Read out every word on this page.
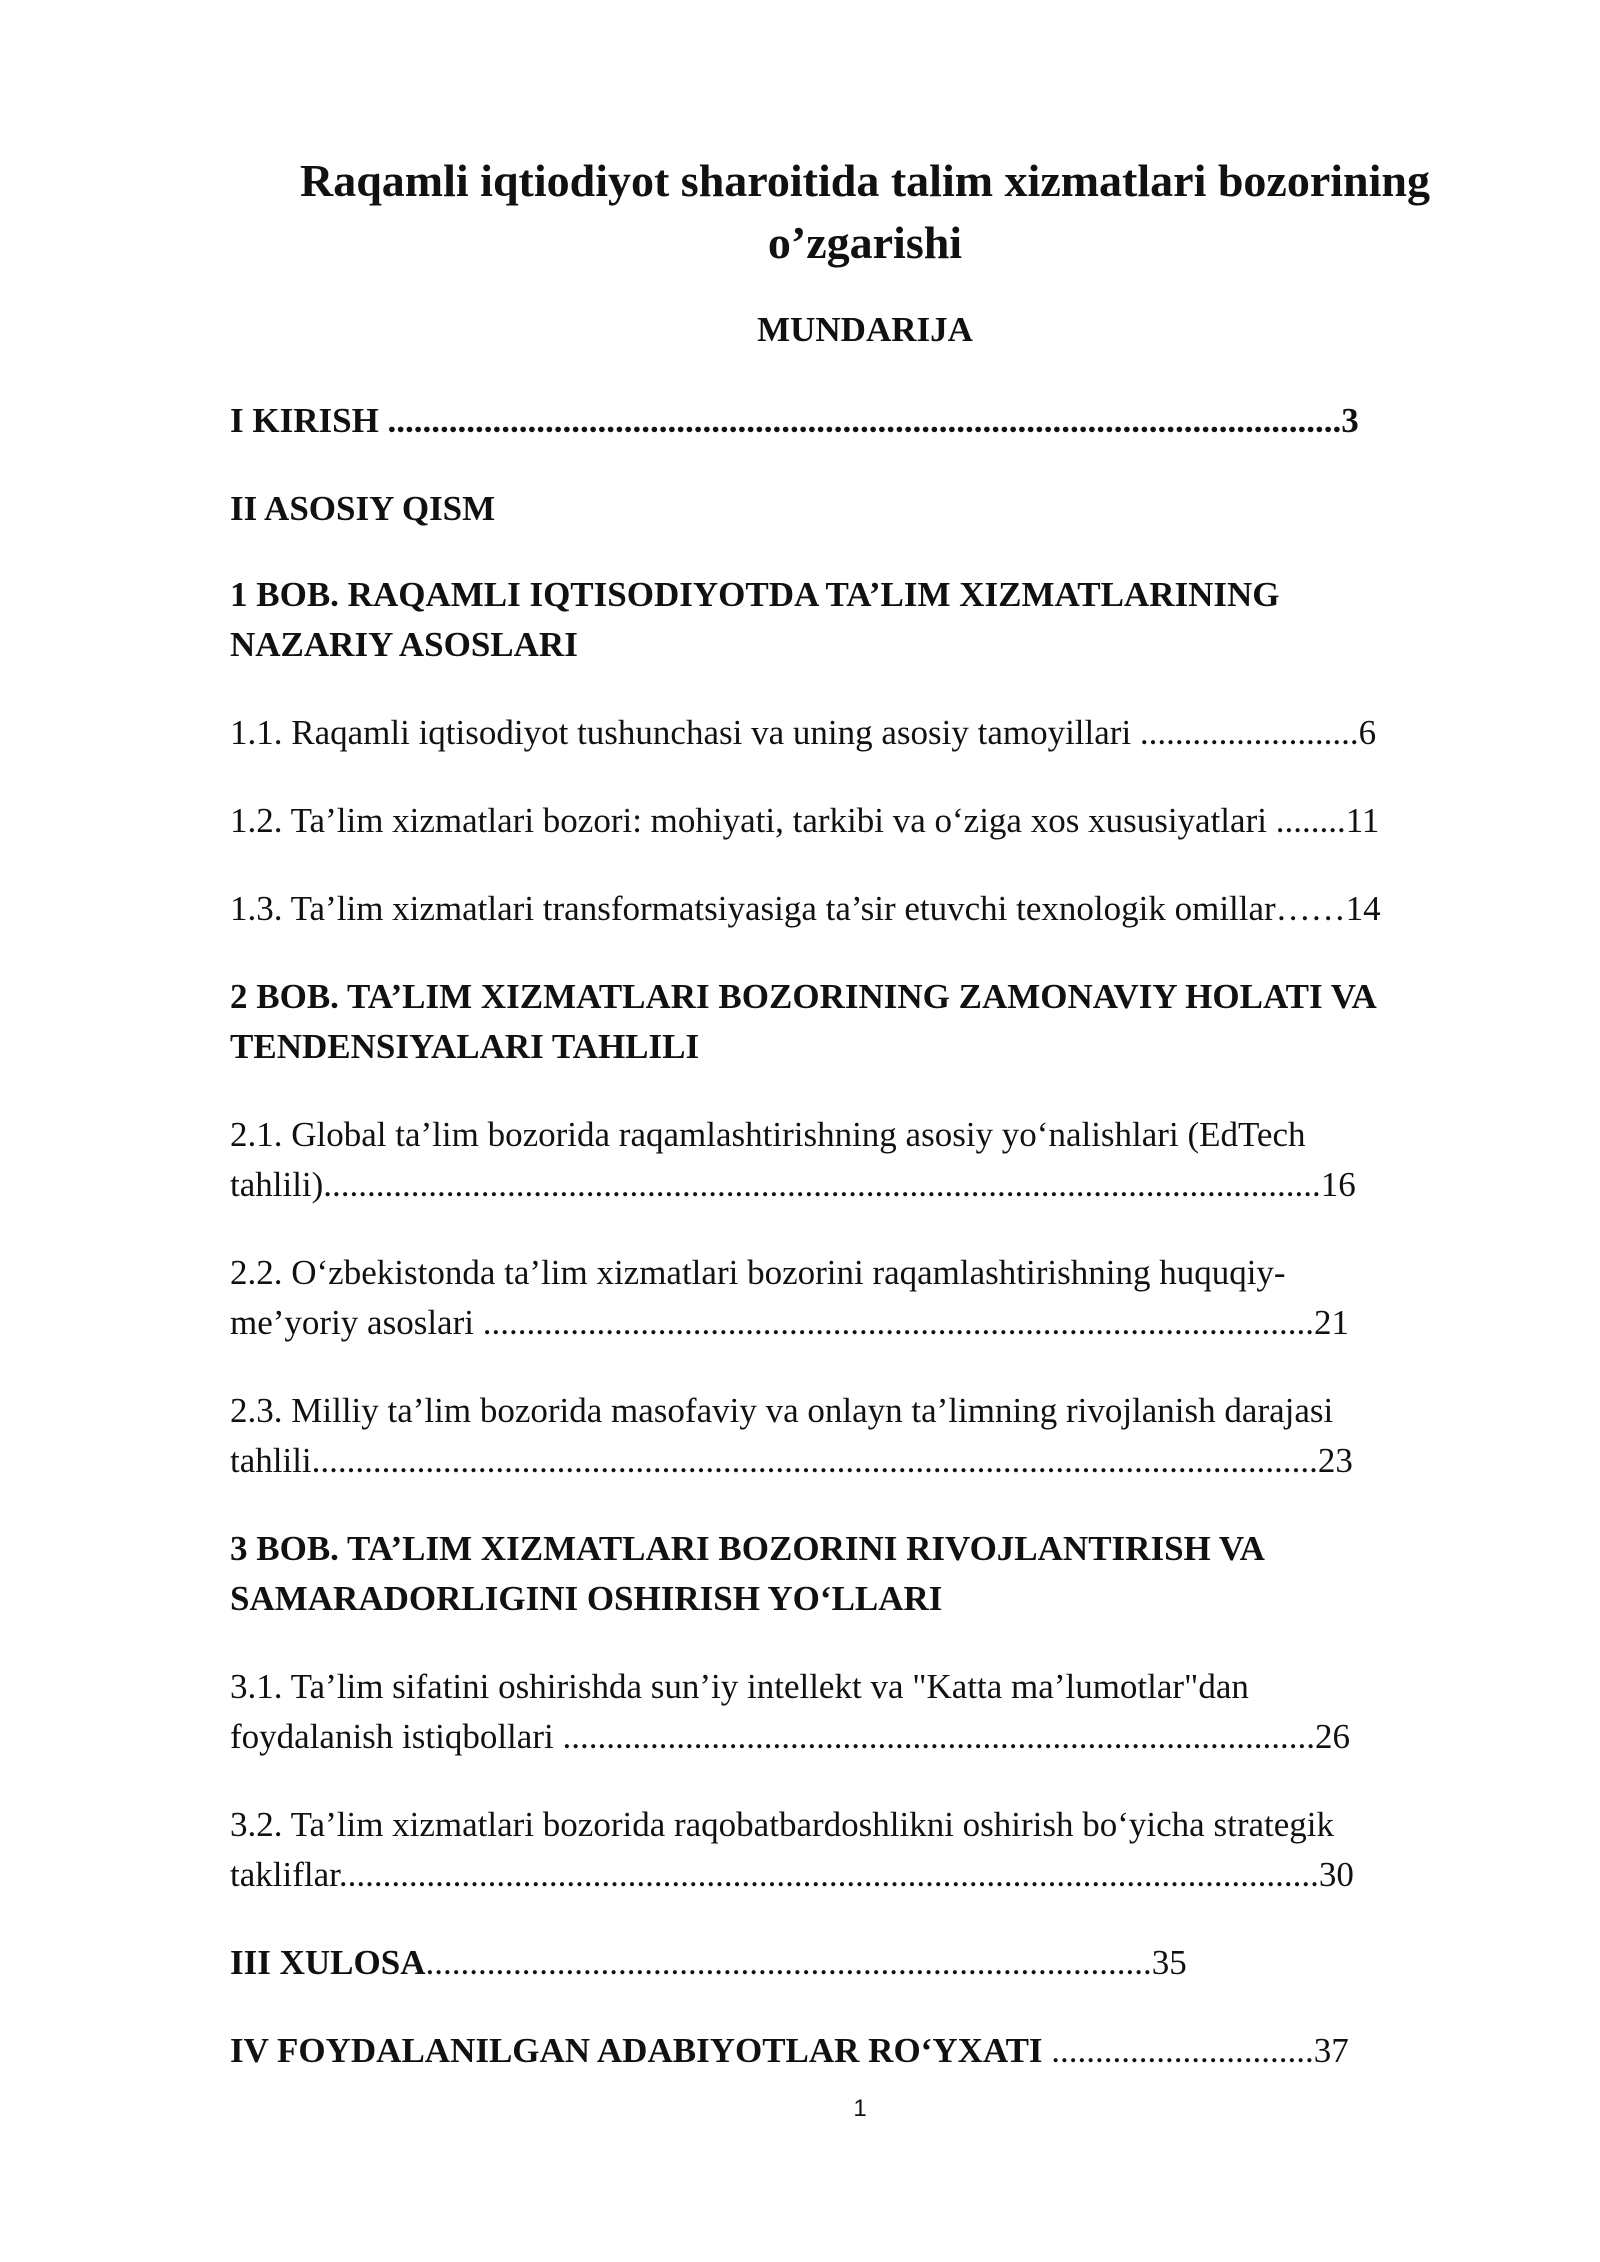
Raqamli iqtiodiyot sharoitida talim xizmatlari bozorining
o’zgarishi
MUNDARIJA

I KIRISH .............................................................................................................3

II ASOSIY QISM

1 BOB. RAQAMLI IQTISODIYOTDA TA’LIM XIZMATLARINING

NAZARIY ASOSLARI

1.1. Raqamli iqtisodiyot tushunchasi va uning asosiy tamoyillari .........................6

1.2. Ta’lim xizmatlari bozori: mohiyati, tarkibi va o‘ziga xos xususiyatlari ........11

1.3. Ta’lim xizmatlari transformatsiyasiga ta’sir etuvchi texnologik omillar……14

2 BOB. TA’LIM XIZMATLARI BOZORINING ZAMONAVIY HOLATI VA

TENDENSIYALARI TAHLILI

2.1. Global ta’lim bozorida raqamlashtirishning asosiy yo‘nalishlari (EdTech

tahlili)..................................................................................................................16

2.2. O‘zbekistonda ta’lim xizmatlari bozorini raqamlashtirishning huquqiy-

me’yoriy asoslari ...............................................................................................21

2.3. Milliy ta’lim bozorida masofaviy va onlayn ta’limning rivojlanish darajasi

tahlili...................................................................................................................23

3 BOB. TA’LIM XIZMATLARI BOZORINI RIVOJLANTIRISH VA

SAMARADORLIGINI OSHIRISH YO‘LLARI

3.1. Ta’lim sifatini oshirishda sun’iy intellekt va "Katta ma’lumotlar"dan

foydalanish istiqbollari ......................................................................................26

3.2. Ta’lim xizmatlari bozorida raqobatbardoshlikni oshirish bo‘yicha strategik

takliflar................................................................................................................30

III XULOSA...................................................................................35

IV FOYDALANILGAN ADABIYOTLAR RO‘YXATI ..............................37

1
